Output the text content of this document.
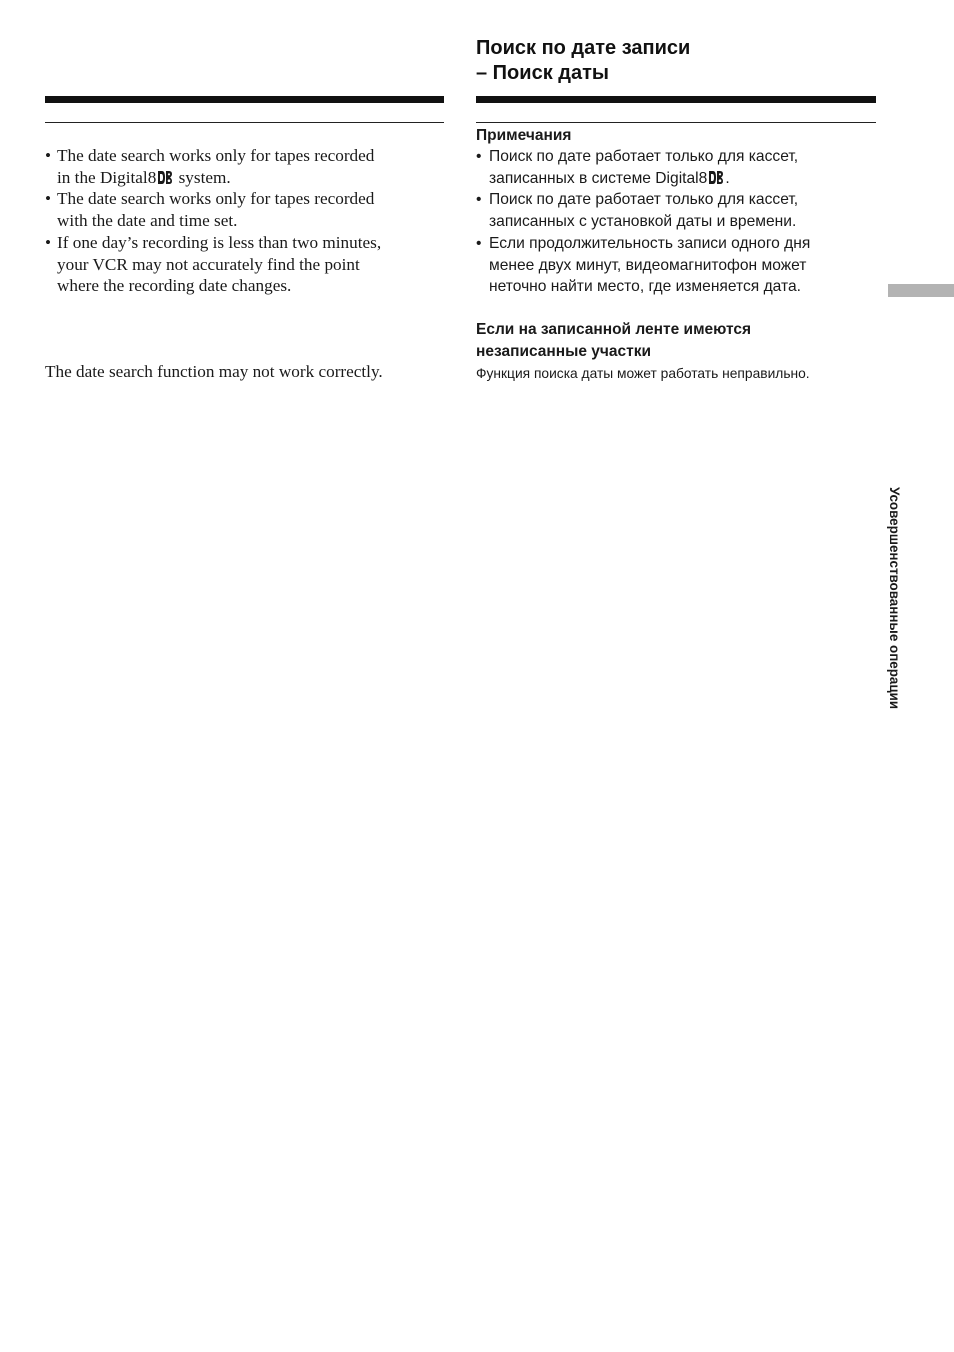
• The date search works only for tapes recorded
in the Digital8 system.
• The date search works only for tapes recorded
with the date and time set.
• If one day’s recording is less than two minutes,
your VCR may not accurately find the point
where the recording date changes.
The date search function may not work correctly.
Поиск по дате записи
– Поиск даты
Примечания
• Поиск по дате работает только для кассет,
записанных в системе Digital8 .
• Поиск по дате работает только для кассет,
записанных с установкой даты и времени.
• Если продолжительность записи одного дня
менее двух минут, видеомагнитофон может
неточно найти место, где изменяется дата.
Если на записанной ленте имеются
незаписанные участки
Функция поиска даты может работать неправильно.
Усовершенствованные операции
